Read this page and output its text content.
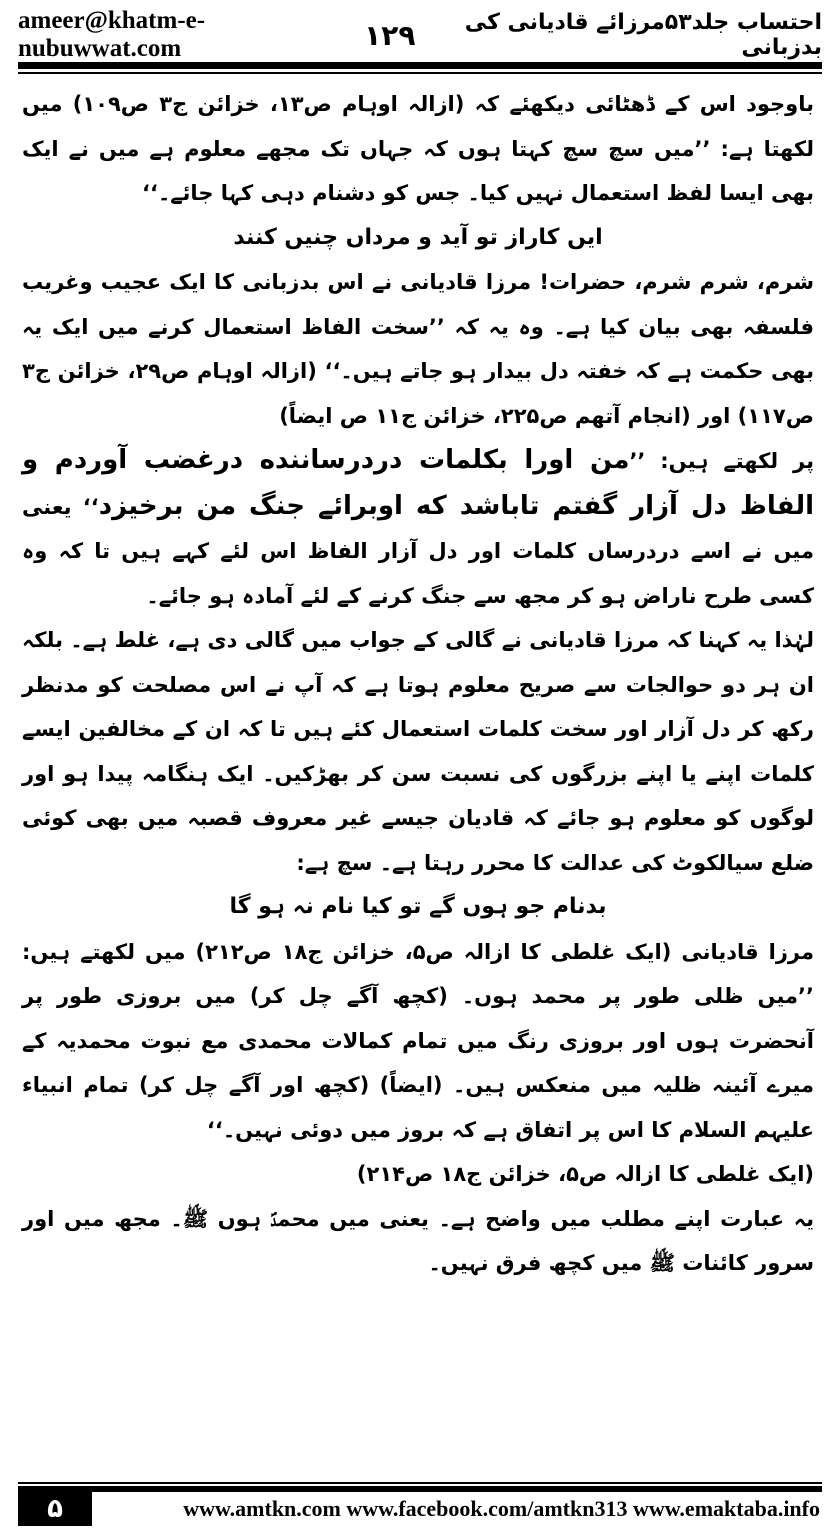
ameer@khatm-e-nubuwwat.com	۱۲۹	احتساب جلد۵۳مرزائے قادیانی کی بدزبانی

باوجود اس کے ڈھٹائی دیکھئے کہ (ازالہ اوہام ص۱۳، خزائن ج۳ ص۱۰۹) میں لکھتا ہے: ’’میں سچ سچ کہتا ہوں کہ جہاں تک مجھے معلوم ہے میں نے ایک بھی ایسا لفظ استعمال نہیں کیا۔ جس کو دشنام دہی کہا جائے۔‘‘

ایں کاراز تو آید و مرداں چنیں کنند

شرم، شرم شرم، حضرات! مرزا قادیانی نے اس بدزبانی کا ایک عجیب وغریب فلسفہ بھی بیان کیا ہے۔ وہ یہ کہ ’’سخت الفاظ استعمال کرنے میں ایک یہ بھی حکمت ہے کہ خفتہ دل بیدار ہو جاتے ہیں۔‘‘ (ازالہ اوہام ص۲۹، خزائن ج۳ ص۱۱۷) اور (انجام آتھم ص۲۲۵، خزائن ج۱۱ ص ایضاً)

پر لکھتے ہیں: ’’من اورا بکلمات دردرساننده درغضب آوردم و الفاظ دل آزار گفتم تاباشد که اوبرائے جنگ من برخیزد‘‘ یعنی میں نے اسے دردرساں کلمات اور دل آزار الفاظ اس لئے کہے ہیں تا کہ وہ کسی طرح ناراض ہو کر مجھ سے جنگ کرنے کے لئے آمادہ ہو جائے۔

لہٰذا یہ کہنا کہ مرزا قادیانی نے گالی کے جواب میں گالی دی ہے، غلط ہے۔ بلکہ ان ہر دو حوالجات سے صریح معلوم ہوتا ہے کہ آپ نے اس مصلحت کو مدنظر رکھ کر دل آزار اور سخت کلمات استعمال کئے ہیں تا کہ ان کے مخالفین ایسے کلمات اپنے یا اپنے بزرگوں کی نسبت سن کر بھڑکیں۔ ایک ہنگامہ پیدا ہو اور لوگوں کو معلوم ہو جائے کہ قادیان جیسے غیر معروف قصبہ میں بھی کوئی ضلع سیالکوٹ کی عدالت کا محرر رہتا ہے۔ سچ ہے:

بدنام جو ہوں گے تو کیا نام نہ ہو گا

مرزا قادیانی (ایک غلطی کا ازالہ ص۵، خزائن ج۱۸ ص۲۱۲) میں لکھتے ہیں: ’’میں ظلی طور پر محمد ہوں۔ (کچھ آگے چل کر) میں بروزی طور پر آنحضرت ہوں اور بروزی رنگ میں تمام کمالات محمدی مع نبوت محمدیہ کے میرے آئینہ ظلیہ میں منعکس ہیں۔ (ایضاً) (کچھ اور آگے چل کر) تمام انبیاء علیہم السلام کا اس پر اتفاق ہے کہ بروز میں دوئی نہیں۔‘‘

(ایک غلطی کا ازالہ ص۵، خزائن ج۱۸ ص۲۱۴)

یہ عبارت اپنے مطلب میں واضح ہے۔ یعنی میں محمدؐ ہوں ﷺ۔ مجھ میں اور سرور کائنات ﷺ میں کچھ فرق نہیں۔

۵	www.amtkn.com www.facebook.com/amtkn313 www.emaktaba.info
